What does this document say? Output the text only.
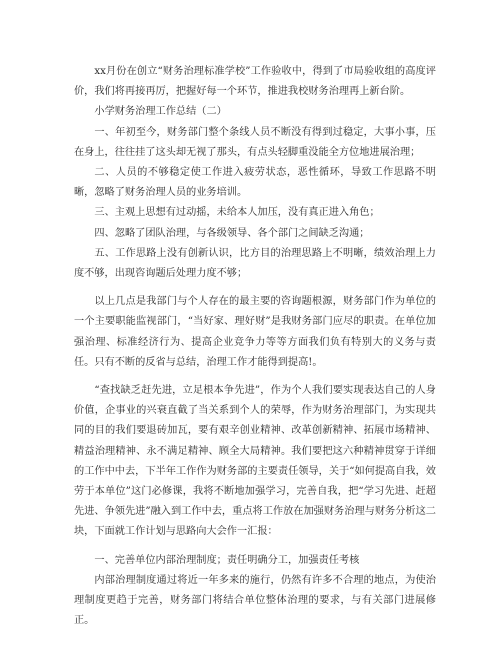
xx月份在创立“财务治理标准学校”工作验收中，得到了市局验收组的高度评价，我们将再接再厉，把握好每一个环节，推进我校财务治理再上新台阶。

小学财务治理工作总结（二）

一、年初至今，财务部门整个条线人员不断没有得到过稳定，大事小事，压在身上，往往挂了这头却无视了那头，有点头轻脚重没能全方位地进展治理；

二、人员的不够稳定使工作进入疲劳状态，恶性循环，导致工作思路不明晰，忽略了财务治理人员的业务培训。

三、主观上思想有过动摇，未给本人加压，没有真正进入角色；

四、忽略了团队治理，与各级领导、各个部门之间缺乏沟通；

五、工作思路上没有创新认识，比方目的治理思路上不明晰，绩效治理上力度不够，出现咨询题后处理力度不够；

以上几点是我部门与个人存在的最主要的咨询题根源，财务部门作为单位的一个主要职能监视部门，“当好家、理好财”是我财务部门应尽的职责。在单位加强治理、标准经济行为、提高企业竞争力等等方面我们负有特别大的义务与责任。只有不断的反省与总结，治理工作才能得到提高!。

“查找缺乏赶先进，立足根本争先进”，作为个人我们要实现表达自己的人身价值，企事业的兴衰直截了当关系到个人的荣辱，作为财务治理部门，为实现共同的目的我们要退砖加瓦，要有艰辛创业精神、改革创新精神、拓展市场精神、精益治理精神、永不满足精神、顾全大局精神。我们要把这六种精神贯穿于详细的工作中中去，下半年工作作为财务部的主要责任领导，关于“如何提高自我，效劳于本单位”这门必修课，我将不断地加强学习，完善自我，把“学习先进、赶超先进、争领先进”融入到工作中去，重点将工作放在加强财务治理与财务分析这二块，下面就工作计划与思路向大会作一汇报：

一、完善单位内部治理制度；责任明确分工，加强责任考核

内部治理制度通过将近一年多来的施行，仍然有许多不合理的地点，为使治理制度更趋于完善，财务部门将结合单位整体治理的要求，与有关部门进展修正。
